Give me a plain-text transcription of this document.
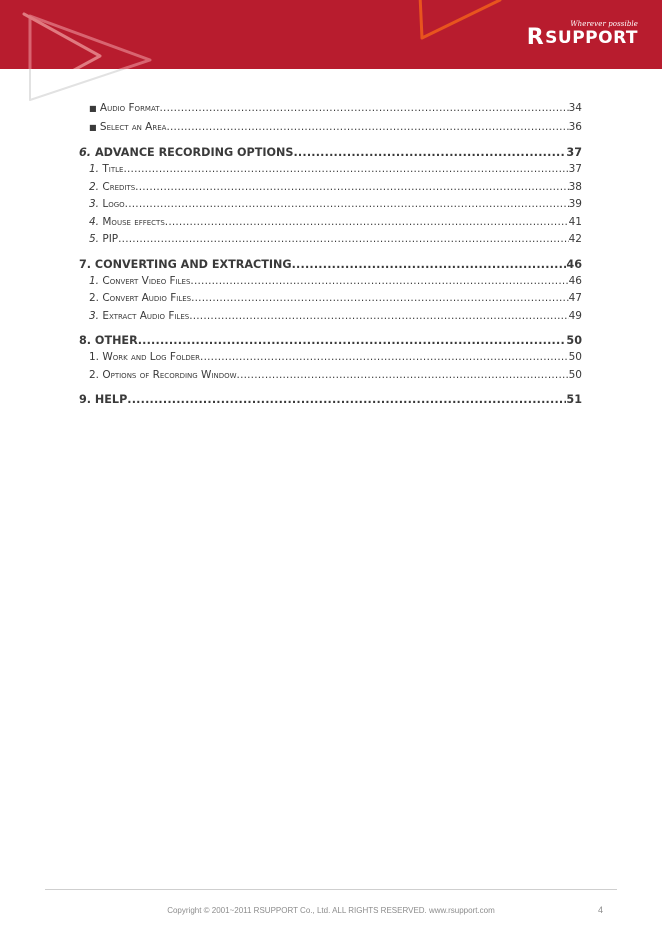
Wherever possible
R SUPPORT
■ Audio Format .....	34
■ Select an Area .....	36
6. ADVANCE RECORDING OPTIONS .....	37
1. Title .....	37
2. Credits .....	38
3. Logo .....	39
4. Mouse effects .....	41
5. PIP .....	42
7. CONVERTING AND EXTRACTING .....	46
1. Convert Video Files .....	46
2. Convert Audio Files .....	47
3. Extract Audio Files .....	49
8. OTHER .....	50
1. Work and Log Folder .....	50
2. Options of Recording Window .....	50
9. HELP .....	51
Copyright © 2001~2011 RSUPPORT Co., Ltd. ALL RIGHTS RESERVED. www.rsupport.com	4
